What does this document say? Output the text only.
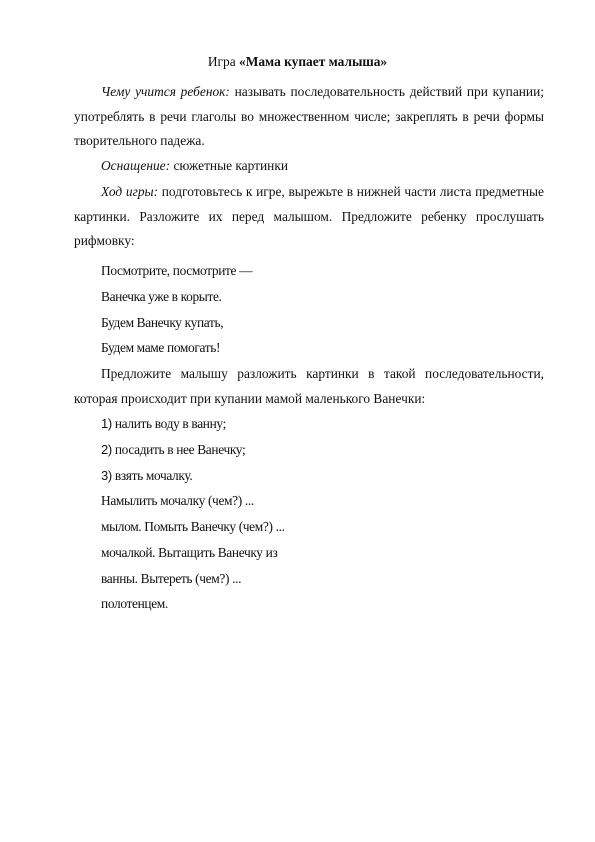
Игра «Мама купает малыша»

Чему учится ребенок: называть последовательность действий при купании; употреблять в речи глаголы во множественном числе; закреплять в речи формы творительного падежа.

Оснащение: сюжетные картинки

Ход игры: подготовьтесь к игре, вырежьте в нижней части листа предметные картинки. Разложите их перед малышом. Предложите ребенку прослушать рифмовку:

Посмотрите, посмотрите —

Ванечка уже в корыте.

Будем Ванечку купать,

Будем маме помогать!

Предложите малышу разложить картинки в такой последовательности, которая происходит при купании мамой маленького Ванечки:

1) налить воду в ванну;

2) посадить в нее Ванечку;

3) взять мочалку.

Намылить мочалку (чем?) ...

мылом. Помыть Ванечку (чем?) ...

мочалкой. Вытащить Ванечку из

ванны. Вытереть (чем?) ...

полотенцем.
